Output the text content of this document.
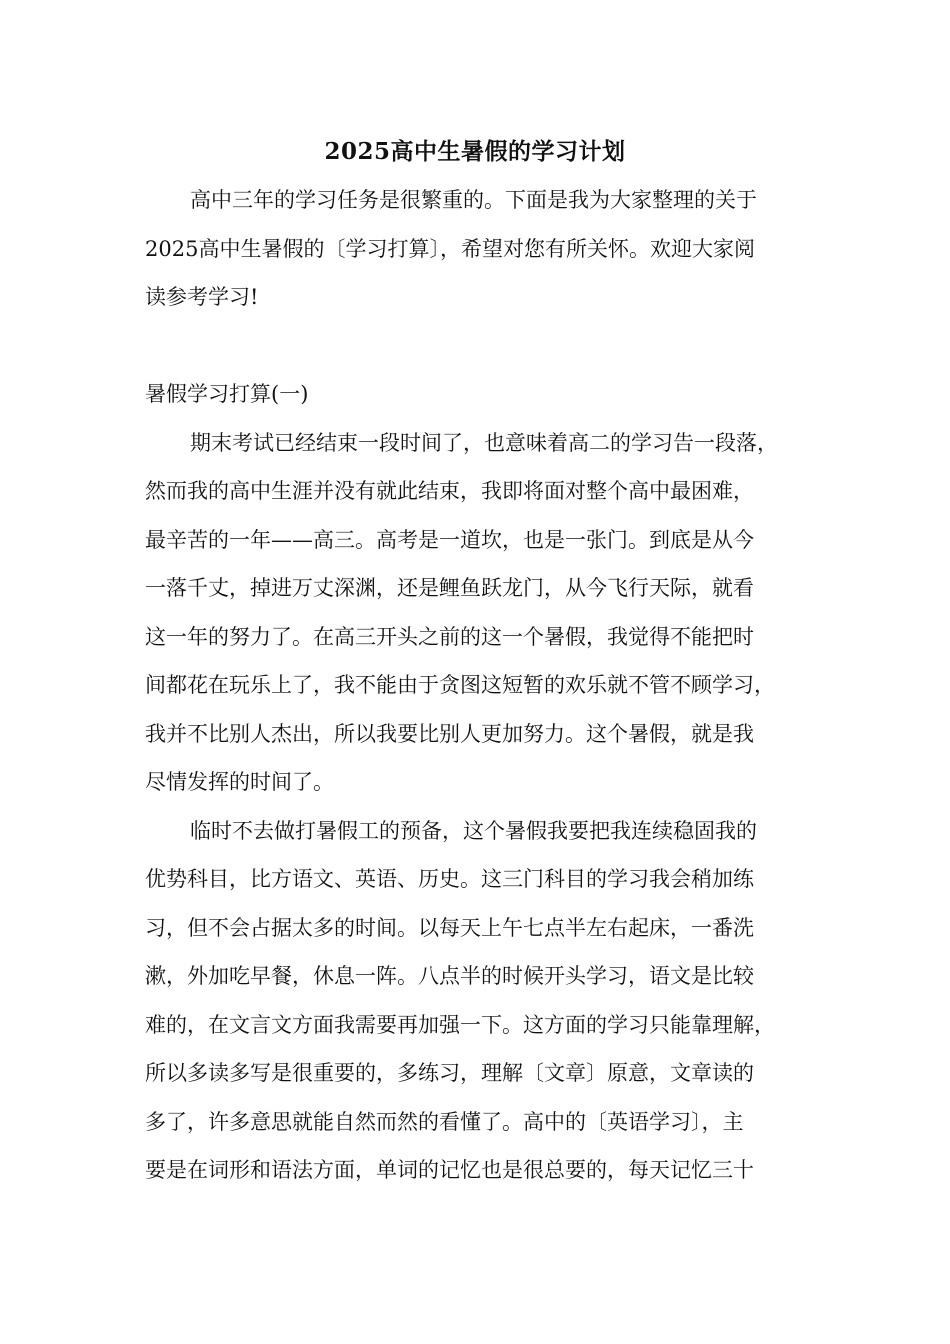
2025高中生暑假的学习计划
高中三年的学习任务是很繁重的。下面是我为大家整理的关于
2025高中生暑假的〔学习打算〕，希望对您有所关怀。欢迎大家阅
读参考学习!
暑假学习打算(一)
期末考试已经结束一段时间了，也意味着高二的学习告一段落，
然而我的高中生涯并没有就此结束，我即将面对整个高中最困难，
最辛苦的一年——高三。高考是一道坎，也是一张门。到底是从今
一落千丈，掉进万丈深渊，还是鲤鱼跃龙门，从今飞行天际，就看
这一年的努力了。在高三开头之前的这一个暑假，我觉得不能把时
间都花在玩乐上了，我不能由于贪图这短暂的欢乐就不管不顾学习，
我并不比别人杰出，所以我要比别人更加努力。这个暑假，就是我
尽情发挥的时间了。
临时不去做打暑假工的预备，这个暑假我要把我连续稳固我的
优势科目，比方语文、英语、历史。这三门科目的学习我会稍加练
习，但不会占据太多的时间。以每天上午七点半左右起床，一番洗
漱，外加吃早餐，休息一阵。八点半的时候开头学习，语文是比较
难的，在文言文方面我需要再加强一下。这方面的学习只能靠理解，
所以多读多写是很重要的，多练习，理解〔文章〕原意，文章读的
多了，许多意思就能自然而然的看懂了。高中的〔英语学习〕，主
要是在词形和语法方面，单词的记忆也是很总要的，每天记忆三十
